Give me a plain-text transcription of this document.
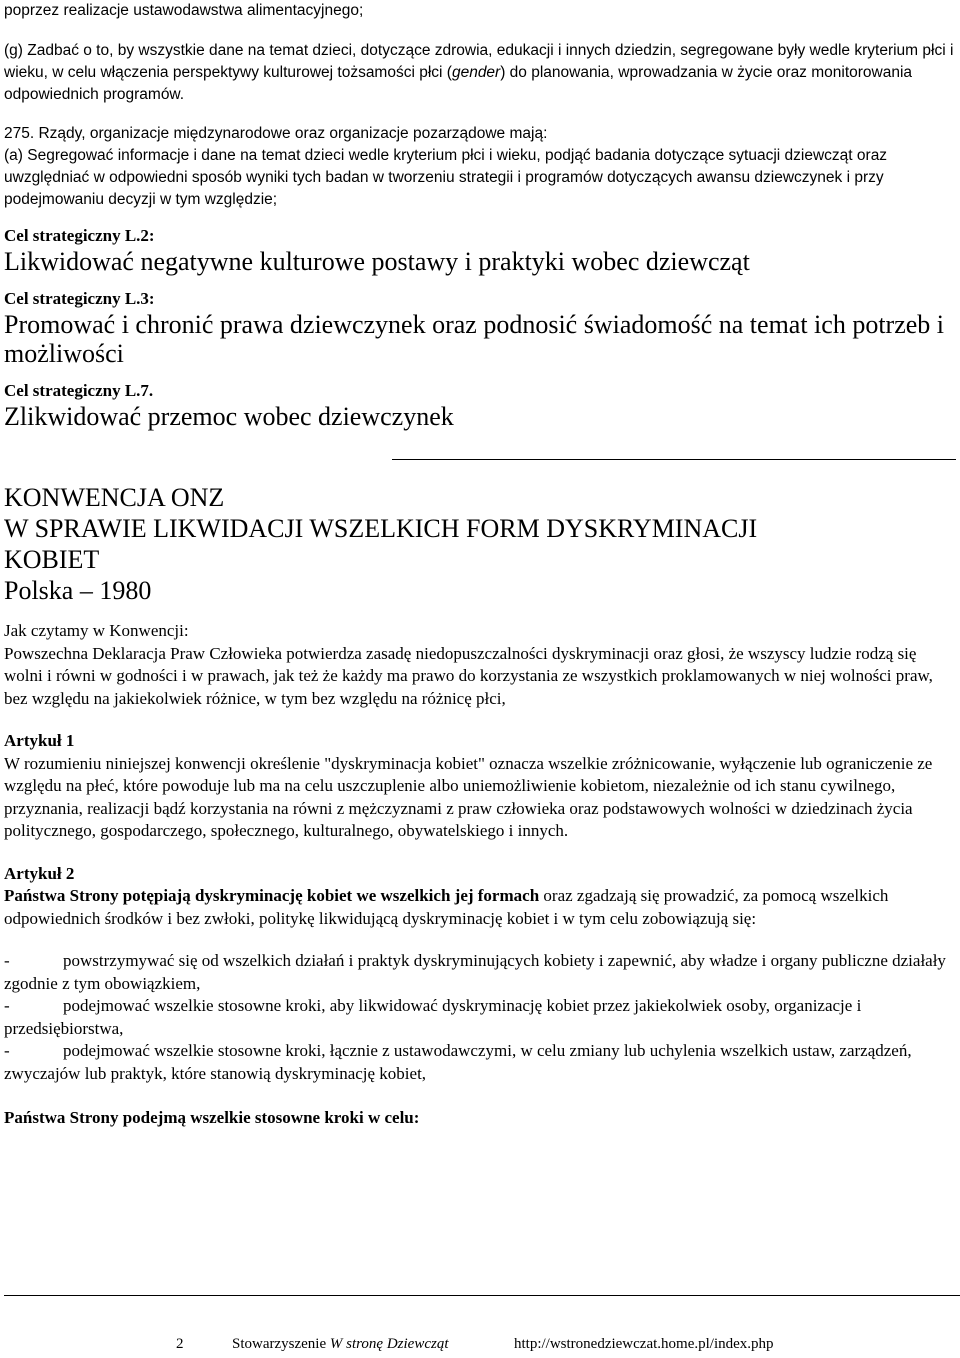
poprzez realizacje ustawodawstwa alimentacyjnego;

(g) Zadbać o to, by wszystkie dane na temat dzieci, dotyczące zdrowia, edukacji i innych dziedzin, segregowane były wedle kryterium płci i wieku, w celu włączenia perspektywy kulturowej tożsamości płci (gender) do planowania, wprowadzania w życie oraz monitorowania odpowiednich programów.

275. Rządy, organizacje międzynarodowe oraz organizacje pozarządowe mają:

(a) Segregować informacje i dane na temat dzieci wedle kryterium płci i wieku, podjąć badania dotyczące sytuacji dziewcząt oraz uwzględniać w odpowiedni sposób wyniki tych badan w tworzeniu strategii i programów dotyczących awansu dziewczynek i przy podejmowaniu decyzji w tym względzie;

Cel strategiczny L.2:
Likwidować negatywne kulturowe postawy i praktyki wobec dziewcząt
Cel strategiczny L.3:
Promować i chronić prawa dziewczynek oraz podnosić świadomość na temat ich potrzeb i możliwości
Cel strategiczny L.7.
Zlikwidować przemoc wobec dziewczynek
KONWENCJA ONZ
W SPRAWIE LIKWIDACJI WSZELKICH FORM DYSKRYMINACJI
KOBIET
Polska – 1980

Jak czytamy w Konwencji:

Powszechna Deklaracja Praw Człowieka potwierdza zasadę niedopuszczalności dyskryminacji oraz głosi, że wszyscy ludzie rodzą się wolni i równi w godności i w prawach, jak też że każdy ma prawo do korzystania ze wszystkich proklamowanych w niej wolności praw, bez względu na jakiekolwiek różnice, w tym bez względu na różnicę płci,

Artykuł 1

W rozumieniu niniejszej konwencji określenie "dyskryminacja kobiet" oznacza wszelkie zróżnicowanie, wyłączenie lub ograniczenie ze względu na płeć, które powoduje lub ma na celu uszczuplenie albo uniemożliwienie kobietom, niezależnie od ich stanu cywilnego, przyznania, realizacji bądź korzystania na równi z mężczyznami z praw człowieka oraz podstawowych wolności w dziedzinach życia politycznego, gospodarczego, społecznego, kulturalnego, obywatelskiego i innych.

Artykuł 2

Państwa Strony potępiają dyskryminację kobiet we wszelkich jej formach oraz zgadzają się prowadzić, za pomocą wszelkich odpowiednich środków i bez zwłoki, politykę likwidującą dyskryminację kobiet i w tym celu zobowiązują się:

-	powstrzymywać się od wszelkich działań i praktyk dyskryminujących kobiety i zapewnić, aby władze i organy publiczne działały zgodnie z tym obowiązkiem,

-	podejmować wszelkie stosowne kroki, aby likwidować dyskryminację kobiet przez jakiekolwiek osoby, organizacje i przedsiębiorstwa,

-	podejmować wszelkie stosowne kroki, łącznie z ustawodawczymi, w celu zmiany lub uchylenia wszelkich ustaw, zarządzeń, zwyczajów lub praktyk, które stanowią dyskryminację kobiet,

Państwa Strony podejmą wszelkie stosowne kroki w celu:

2	Stowarzyszenie W stronę Dziewcząt	http://wstronedziewczat.home.pl/index.php
